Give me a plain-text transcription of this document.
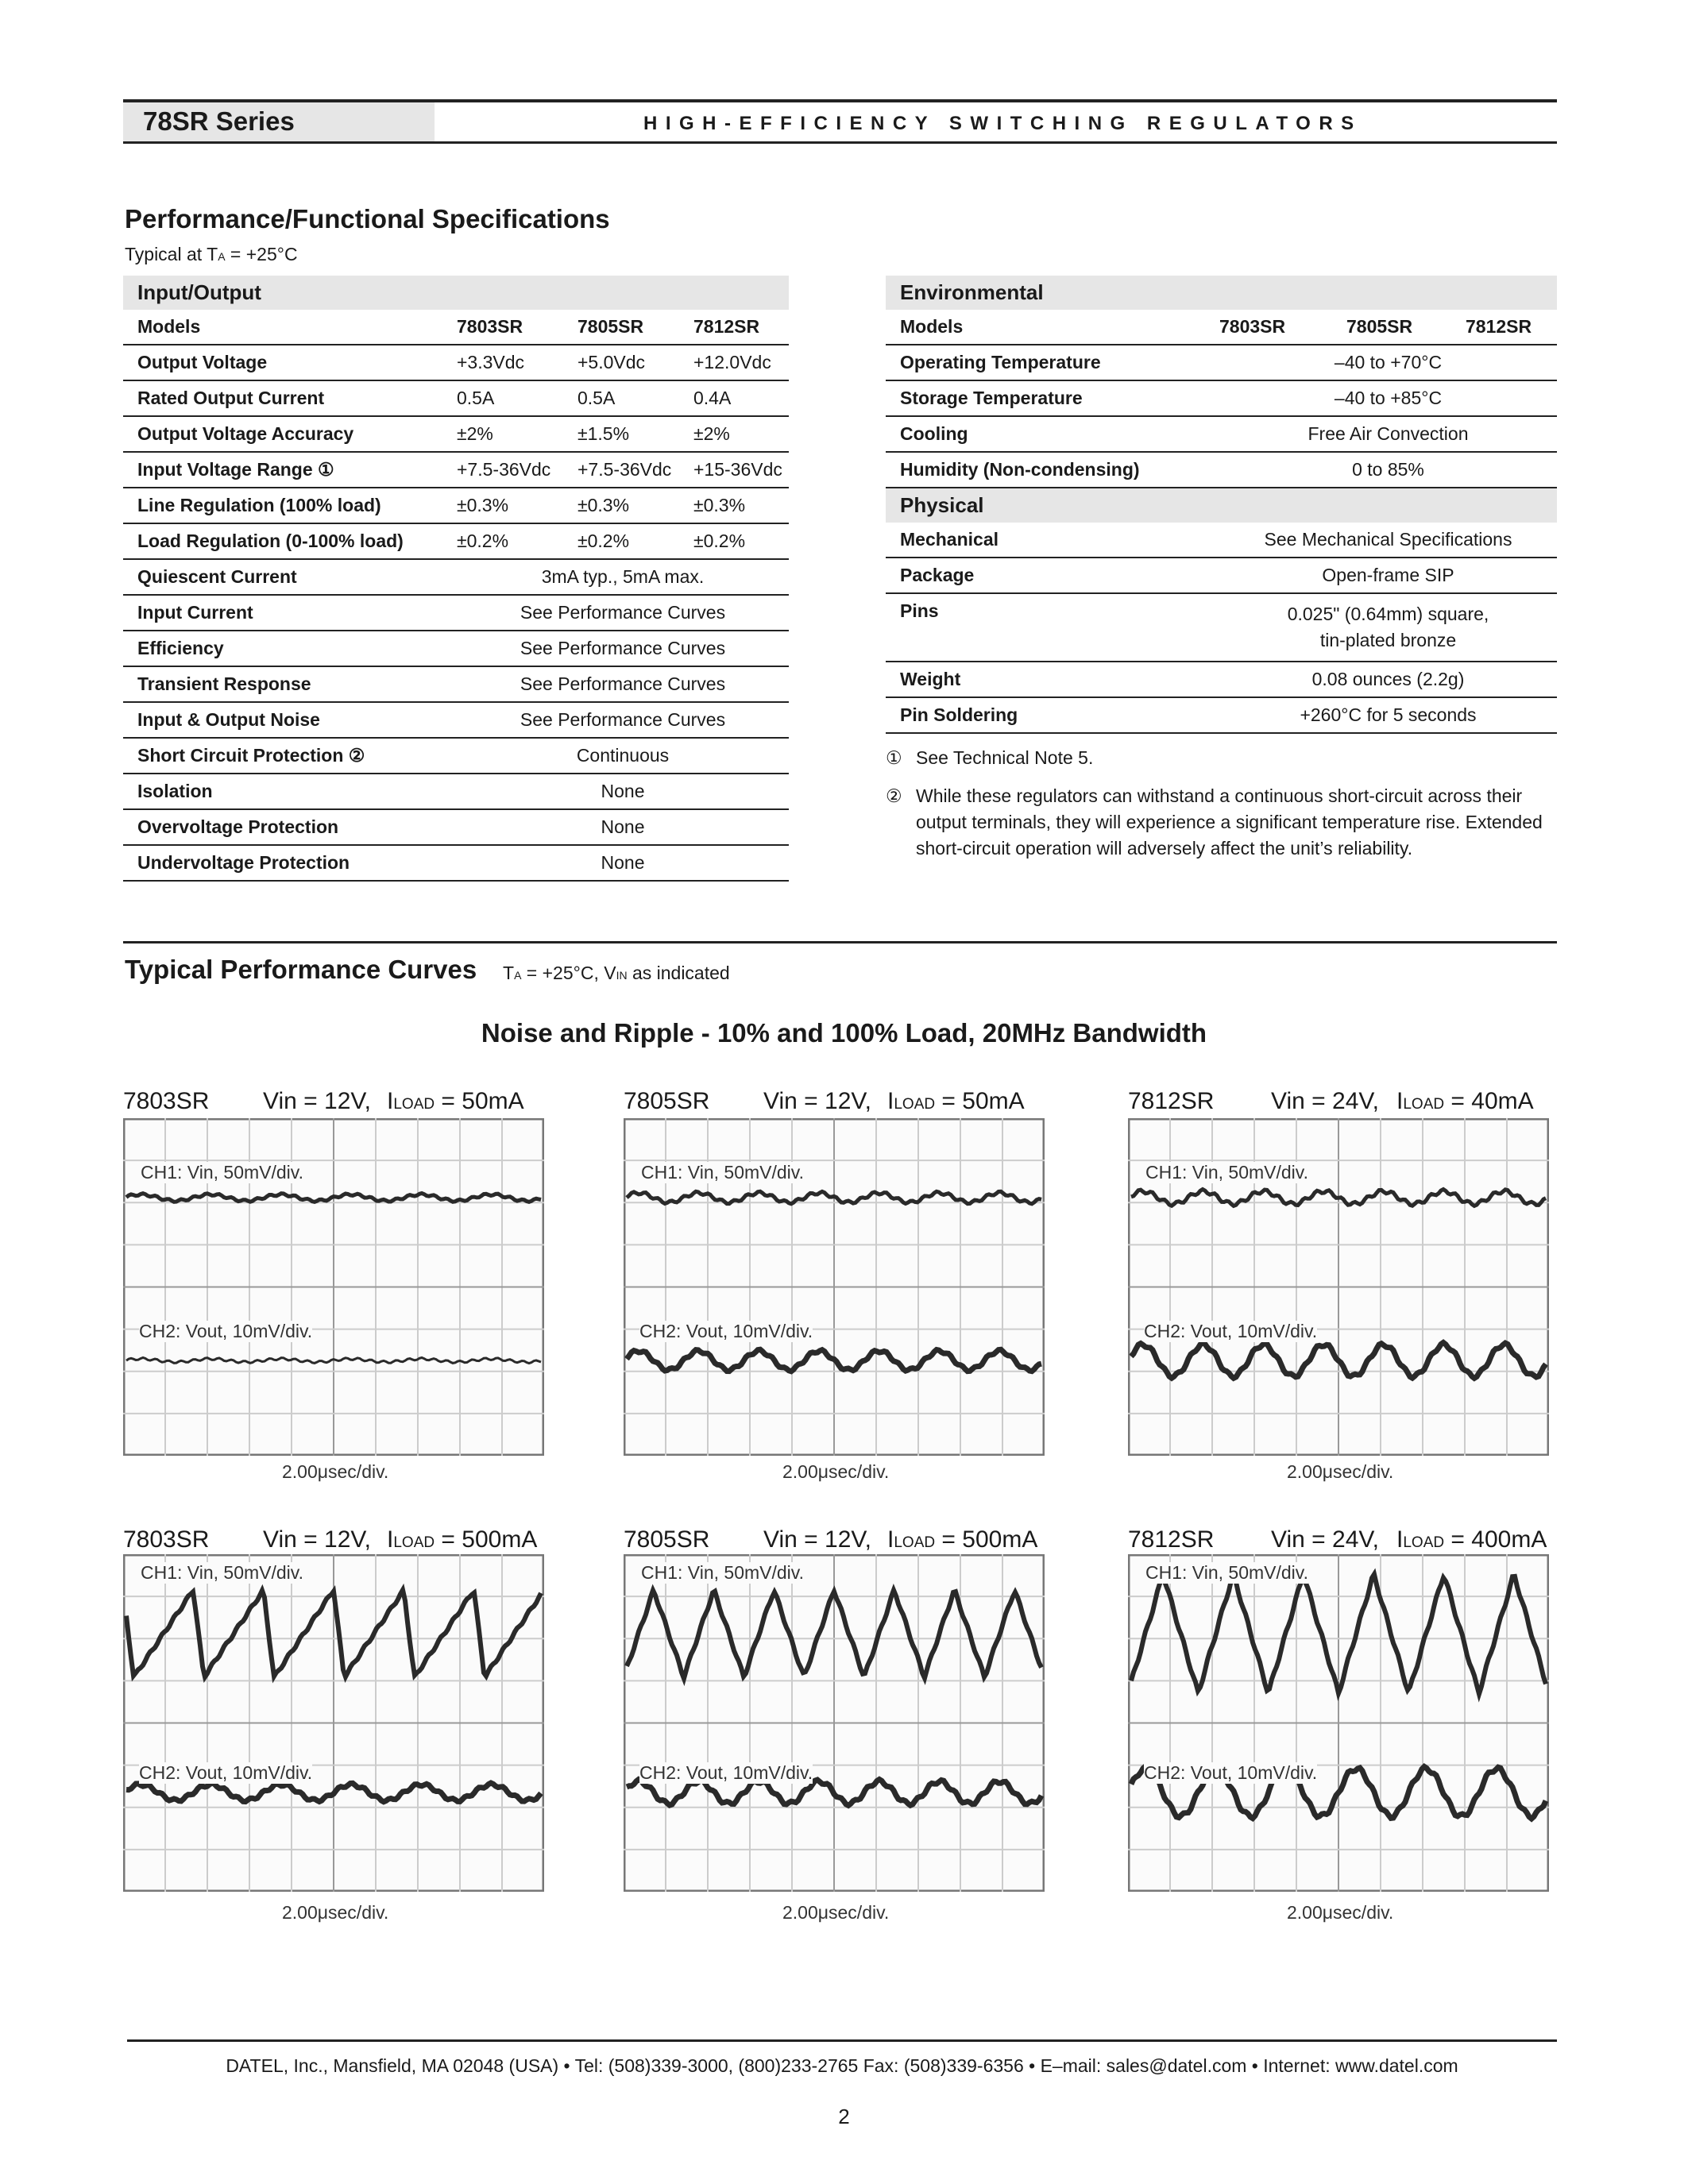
78SR Series	HIGH-EFFICIENCY SWITCHING REGULATORS
Performance/Functional Specifications
Typical at TA = +25°C
Input/Output			
Models	7803SR	7805SR	7812SR
Output Voltage	+3.3Vdc	+5.0Vdc	+12.0Vdc
Rated Output Current	0.5A	0.5A	0.4A
Output Voltage Accuracy	±2%	±1.5%	±2%
Input Voltage Range ①	+7.5-36Vdc	+7.5-36Vdc	+15-36Vdc
Line Regulation (100% load)	±0.3%	±0.3%	±0.3%
Load Regulation (0-100% load)	±0.2%	±0.2%	±0.2%
Quiescent Current	3mA typ., 5mA max.		
Input Current	See Performance Curves		
Efficiency	See Performance Curves		
Transient Response	See Performance Curves		
Input & Output Noise	See Performance Curves		
Short Circuit Protection ②	Continuous		
Isolation	None		
Overvoltage Protection	None		
Undervoltage Protection	None		
Environmental			
Models	7803SR	7805SR	7812SR
Operating Temperature	–40 to +70°C		
Storage Temperature	–40 to +85°C		
Cooling	Free Air Convection		
Humidity (Non-condensing)	0 to 85%		
Physical			
Mechanical	See Mechanical Specifications		
Package	Open-frame SIP		
Pins	0.025" (0.64mm) square,
tin-plated bronze		

Weight	0.08 ounces (2.2g)		
Pin Soldering	+260°C for 5 seconds		
① See Technical Note 5.
② While these regulators can withstand a continuous short-circuit across their output terminals, they will experience a significant temperature rise. Extended short-circuit operation will adversely affect the unit’s reliability.
Typical Performance Curves TA = +25°C, VIN as indicated
Noise and Ripple - 10% and 100% Load, 20MHz Bandwidth
7803SR Vin = 12V, ILOAD = 50mA
CH1: Vin, 50mV/div.
CH2: Vout, 10mV/div.
2.00μsec/div.
7805SR Vin = 12V, ILOAD = 50mA
CH1: Vin, 50mV/div.
CH2: Vout, 10mV/div.
2.00μsec/div.
7812SR Vin = 24V, ILOAD = 40mA
CH1: Vin, 50mV/div.
CH2: Vout, 10mV/div.
2.00μsec/div.
7803SR Vin = 12V, ILOAD = 500mA
CH1: Vin, 50mV/div.
CH2: Vout, 10mV/div.
2.00μsec/div.
7805SR Vin = 12V, ILOAD = 500mA
CH1: Vin, 50mV/div.
CH2: Vout, 10mV/div.
2.00μsec/div.
7812SR Vin = 24V, ILOAD = 400mA
CH1: Vin, 50mV/div.
CH2: Vout, 10mV/div.
2.00μsec/div.
DATEL, Inc., Mansfield, MA 02048 (USA) • Tel: (508)339-3000, (800)233-2765 Fax: (508)339-6356 • E–mail: sales@datel.com • Internet: www.datel.com
2
